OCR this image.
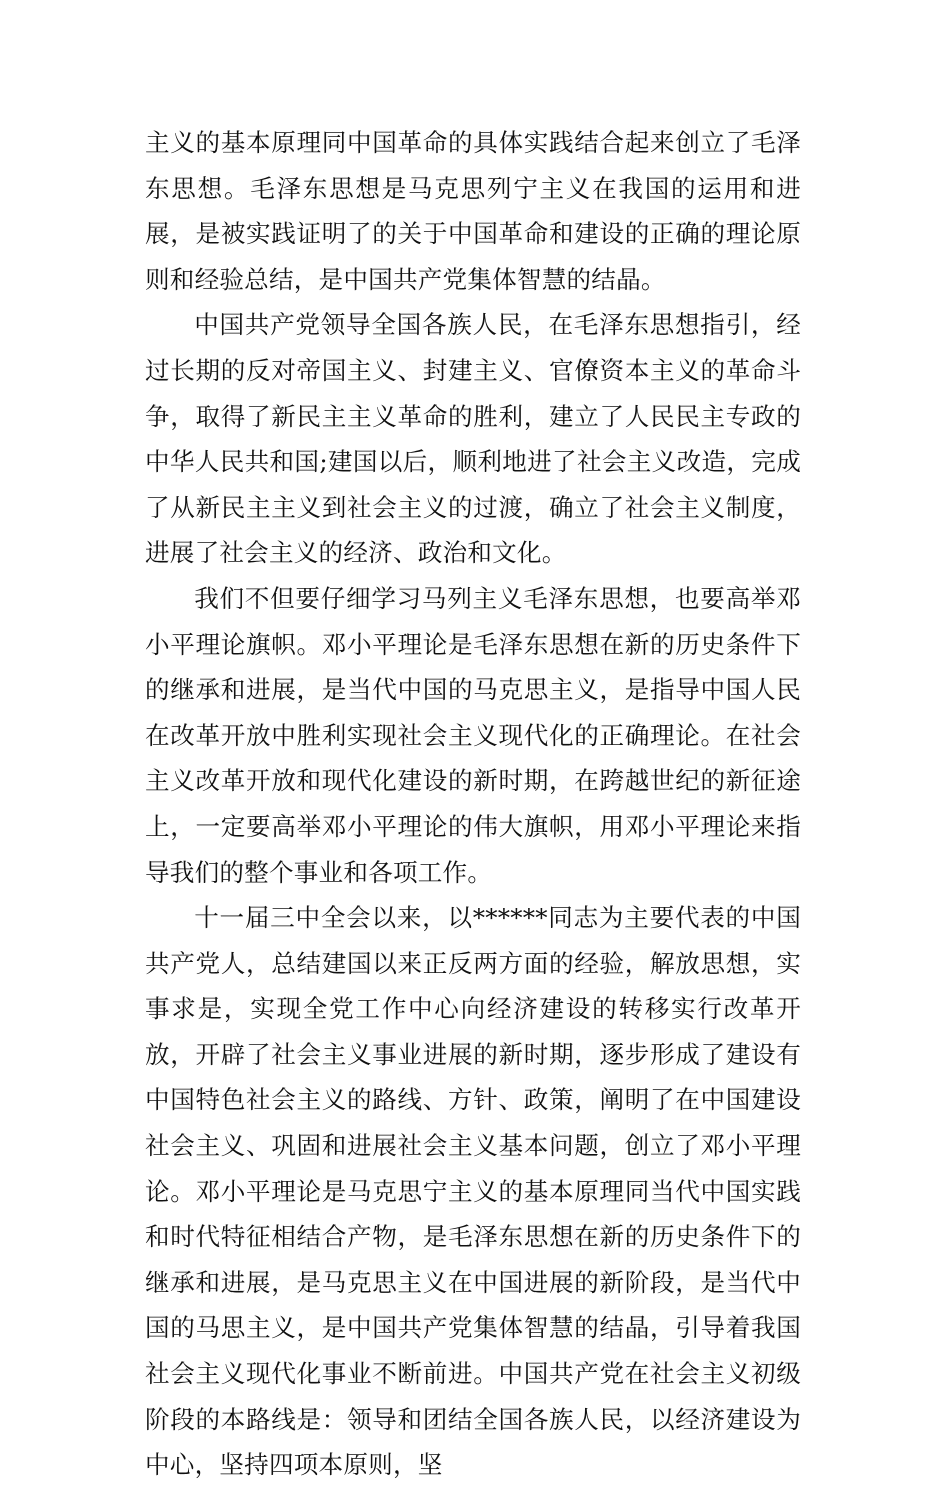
主义的基本原理同中国革命的具体实践结合起来创立了毛泽东思想。毛泽东思想是马克思列宁主义在我国的运用和进展，是被实践证明了的关于中国革命和建设的正确的理论原则和经验总结，是中国共产党集体智慧的结晶。

中国共产党领导全国各族人民，在毛泽东思想指引，经过长期的反对帝国主义、封建主义、官僚资本主义的革命斗争，取得了新民主主义革命的胜利，建立了人民民主专政的中华人民共和国;建国以后，顺利地进了社会主义改造，完成了从新民主主义到社会主义的过渡，确立了社会主义制度，进展了社会主义的经济、政治和文化。

我们不但要仔细学习马列主义毛泽东思想，也要高举邓小平理论旗帜。邓小平理论是毛泽东思想在新的历史条件下的继承和进展，是当代中国的马克思主义，是指导中国人民在改革开放中胜利实现社会主义现代化的正确理论。在社会主义改革开放和现代化建设的新时期，在跨越世纪的新征途上，一定要高举邓小平理论的伟大旗帜，用邓小平理论来指导我们的整个事业和各项工作。

十一届三中全会以来，以******同志为主要代表的中国共产党人，总结建国以来正反两方面的经验，解放思想，实事求是，实现全党工作中心向经济建设的转移实行改革开放，开辟了社会主义事业进展的新时期，逐步形成了建设有中国特色社会主义的路线、方针、政策，阐明了在中国建设社会主义、巩固和进展社会主义基本问题，创立了邓小平理论。邓小平理论是马克思宁主义的基本原理同当代中国实践和时代特征相结合产物，是毛泽东思想在新的历史条件下的继承和进展，是马克思主义在中国进展的新阶段，是当代中国的马思主义，是中国共产党集体智慧的结晶，引导着我国社会主义现代化事业不断前进。中国共产党在社会主义初级阶段的本路线是：领导和团结全国各族人民，以经济建设为中心，坚持四项本原则，坚
